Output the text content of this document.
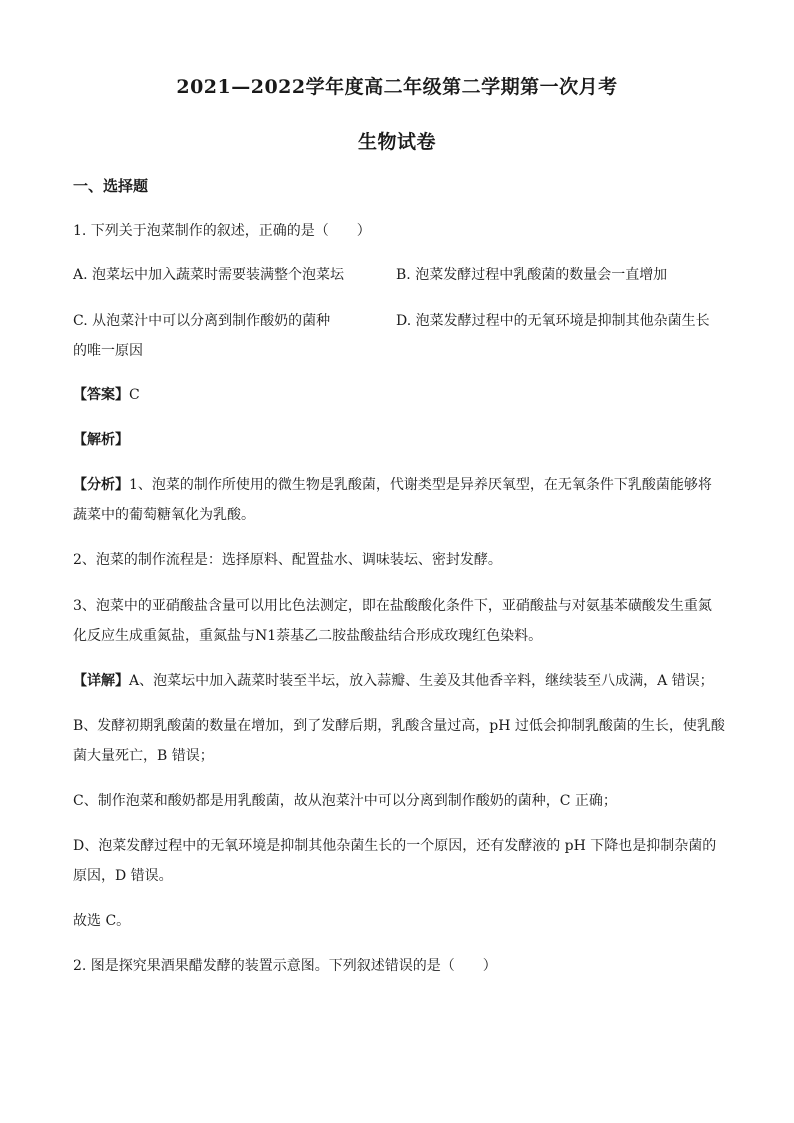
2021—2022学年度高二年级第二学期第一次月考
生物试卷
一、选择题
1. 下列关于泡菜制作的叙述，正确的是（　　）
A. 泡菜坛中加入蔬菜时需要装满整个泡菜坛	B. 泡菜发酵过程中乳酸菌的数量会一直增加
C. 从泡菜汁中可以分离到制作酸奶的菌种	D. 泡菜发酵过程中的无氧环境是抑制其他杂菌生长
的唯一原因
【答案】C
【解析】
【分析】1、泡菜的制作所使用的微生物是乳酸菌，代谢类型是异养厌氧型，在无氧条件下乳酸菌能够将
蔬菜中的葡萄糖氧化为乳酸。
2、泡菜的制作流程是：选择原料、配置盐水、调味装坛、密封发酵。
3、泡菜中的亚硝酸盐含量可以用比色法测定，即在盐酸酸化条件下，亚硝酸盐与对氨基苯磺酸发生重氮
化反应生成重氮盐，重氮盐与N1萘基乙二胺盐酸盐结合形成玫瑰红色染料。
【详解】A、泡菜坛中加入蔬菜时装至半坛，放入蒜瓣、生姜及其他香辛料，继续装至八成满，A 错误；
B、发酵初期乳酸菌的数量在增加，到了发酵后期，乳酸含量过高，pH 过低会抑制乳酸菌的生长，使乳酸
菌大量死亡，B 错误；
C、制作泡菜和酸奶都是用乳酸菌，故从泡菜汁中可以分离到制作酸奶的菌种，C 正确；
D、泡菜发酵过程中的无氧环境是抑制其他杂菌生长的一个原因，还有发酵液的 pH 下降也是抑制杂菌的
原因，D 错误。
故选 C。
2. 图是探究果酒果醋发酵的装置示意图。下列叙述错误的是（　　）
